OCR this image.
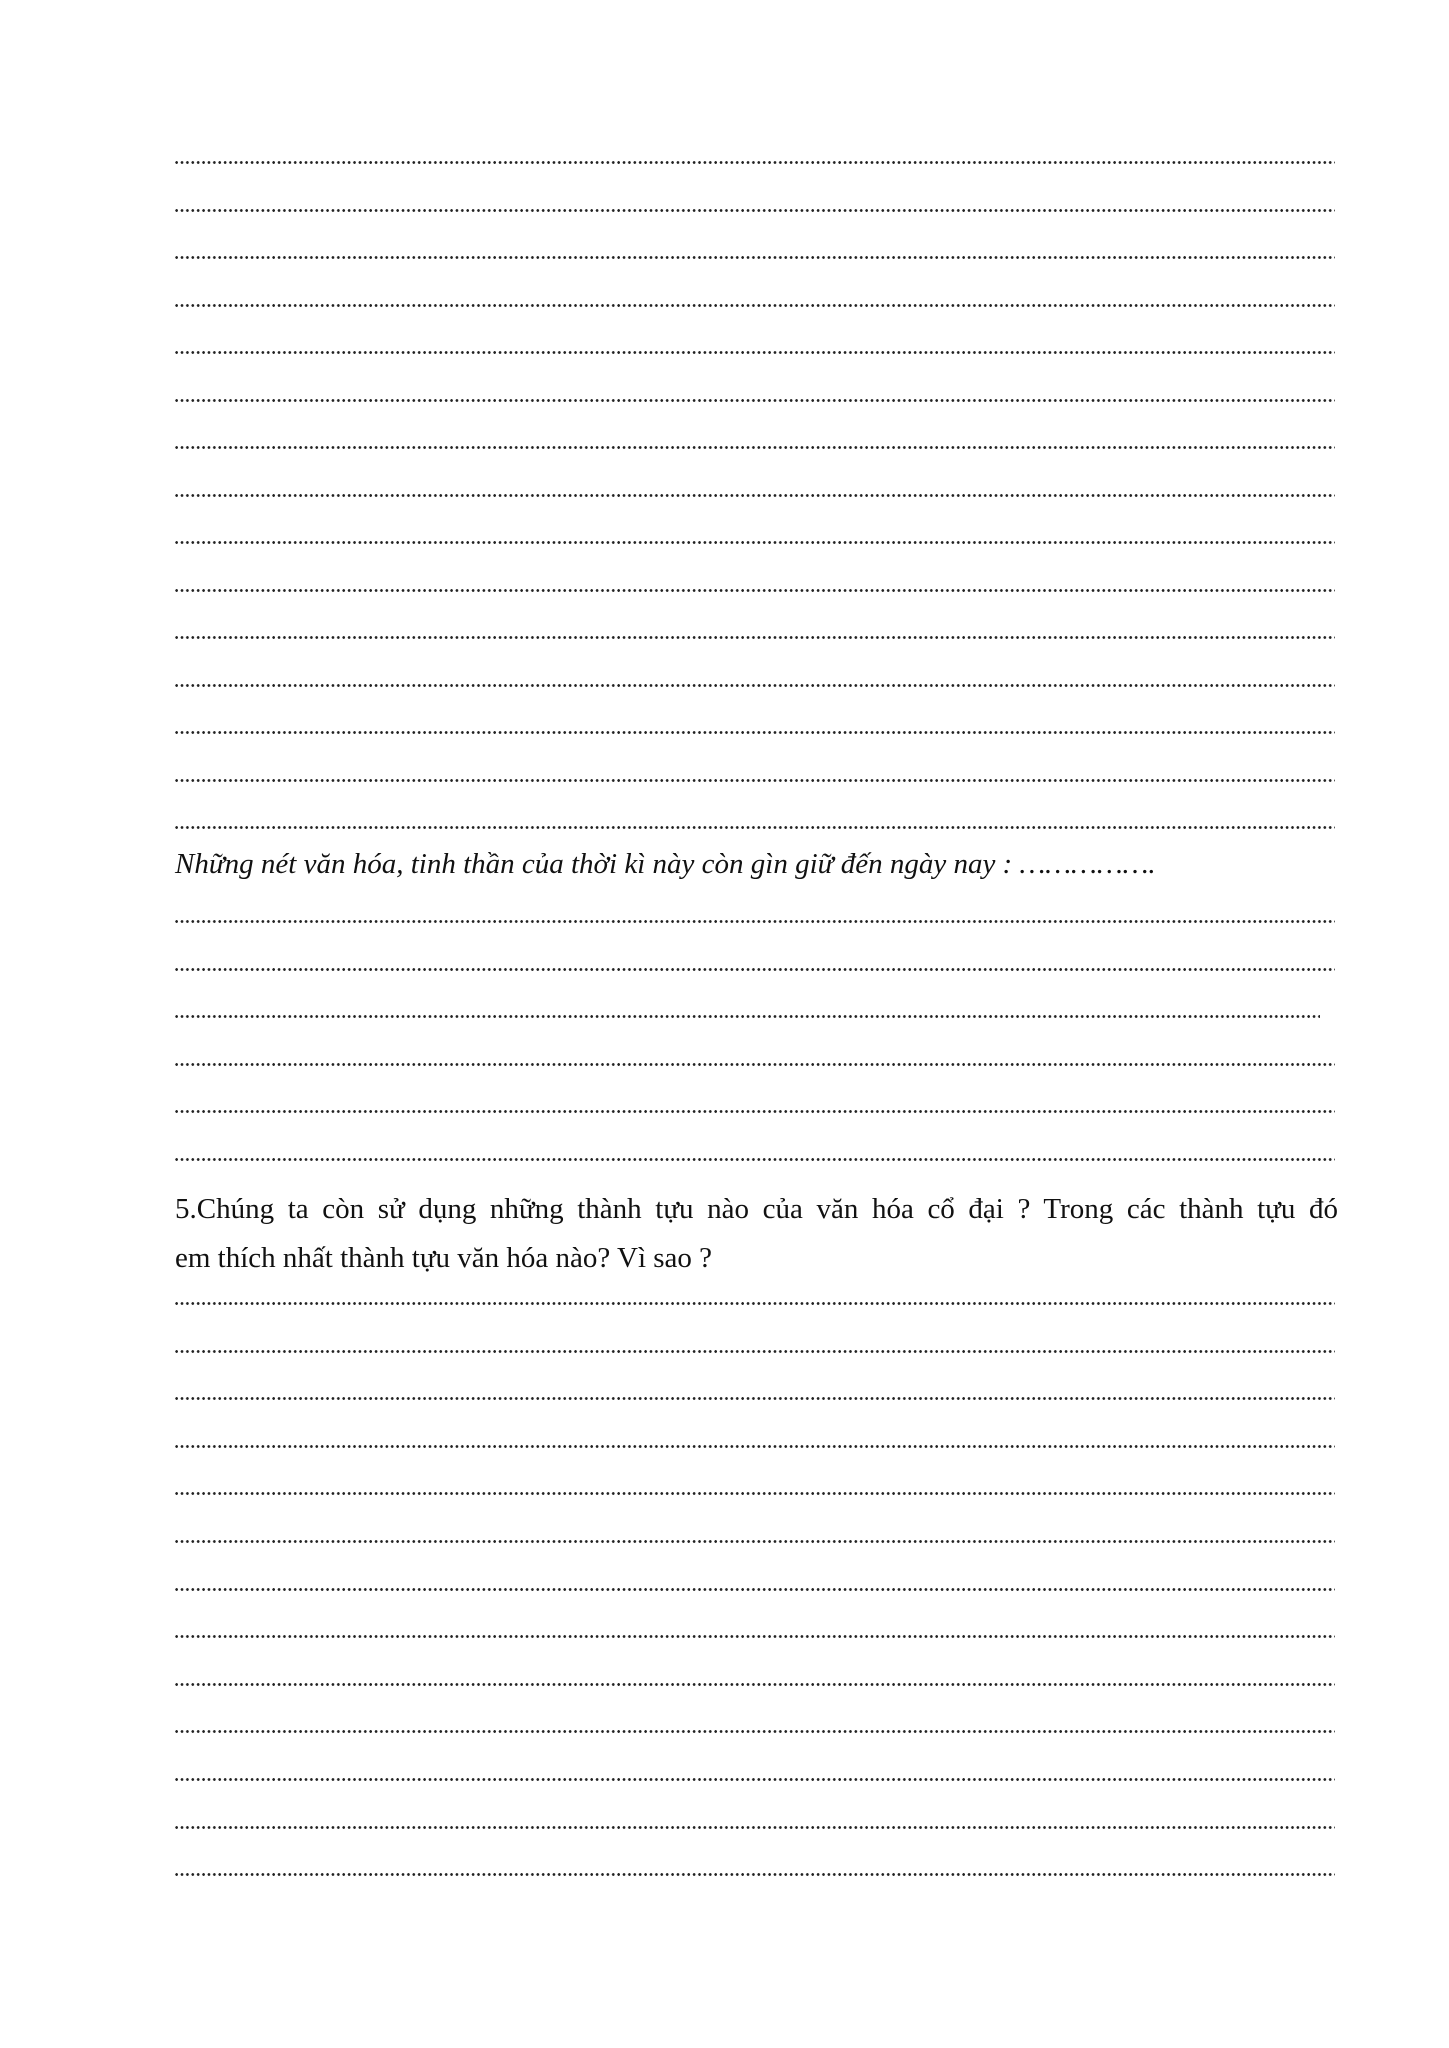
Những nét văn hóa, tinh thần của thời kì này còn gìn giữ đến ngày nay : …………….
5.Chúng ta còn sử dụng những thành tựu nào của văn hóa cổ đại ? Trong các thành tựu đó
em thích nhất thành tựu văn hóa nào? Vì sao ?
